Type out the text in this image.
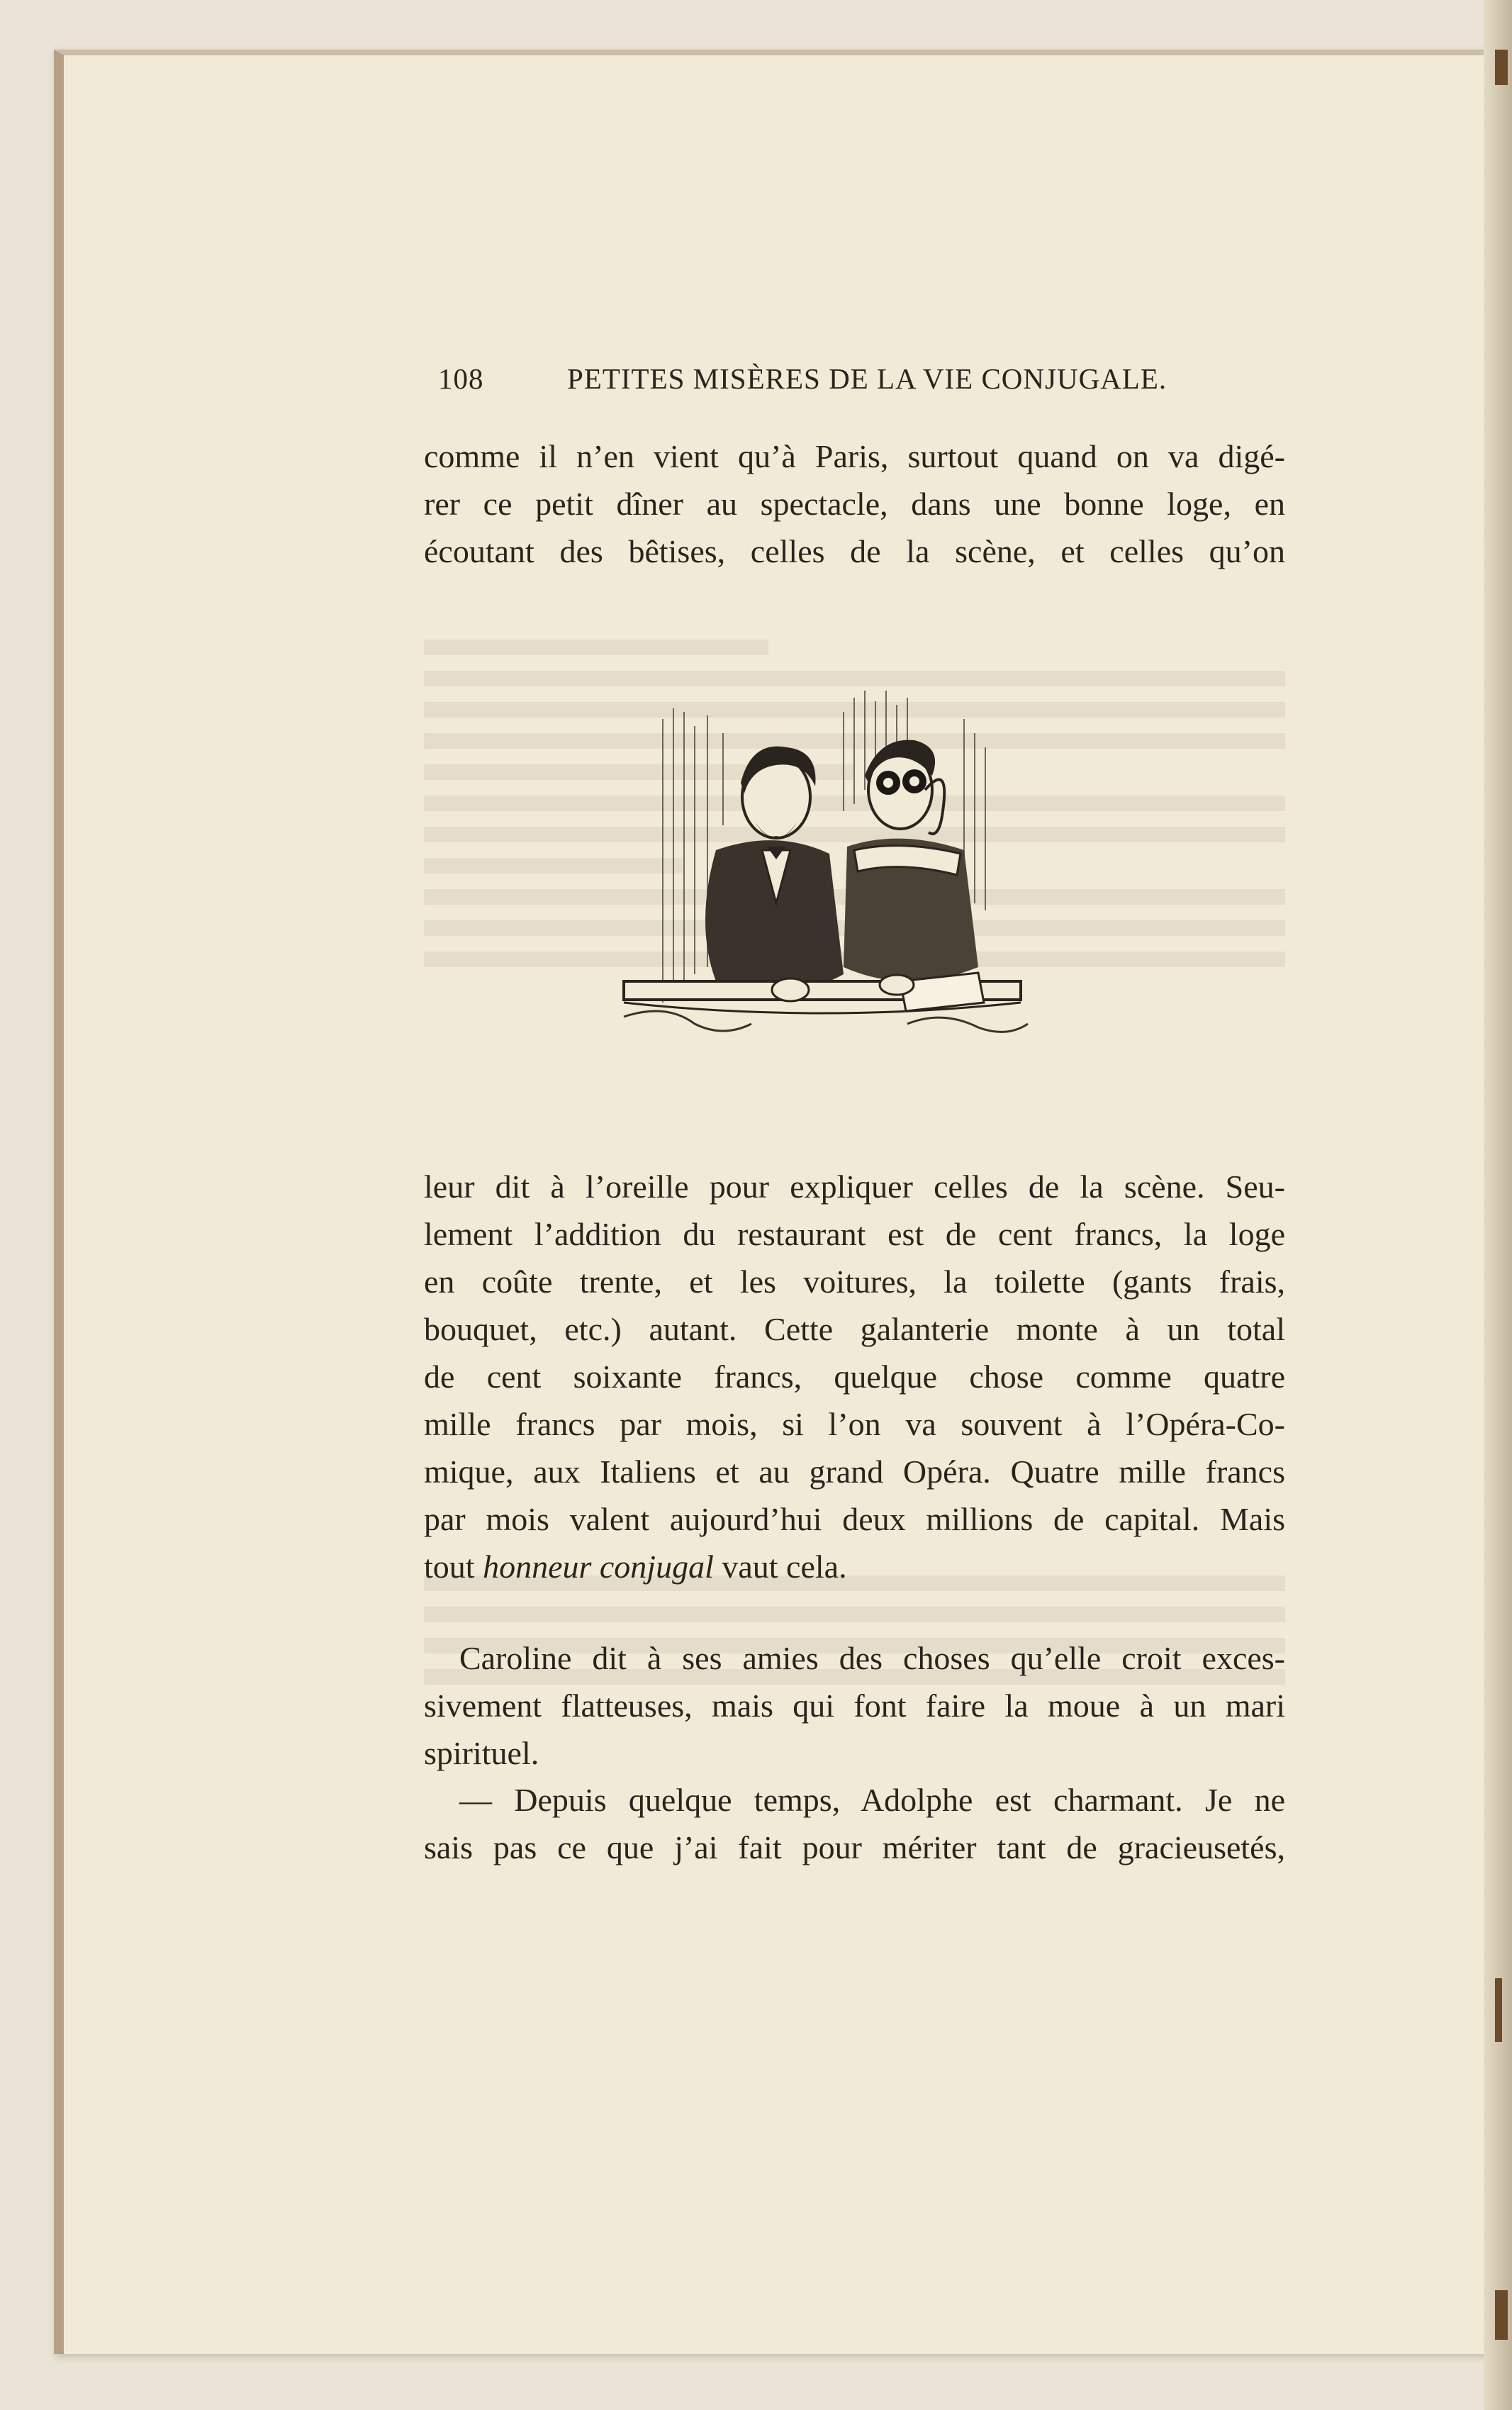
108	PETITES MISÈRES DE LA VIE CONJUGALE.
comme il n’en vient qu’à Paris, surtout quand on va digé-
rer ce petit dîner au spectacle, dans une bonne loge, en
écoutant des bêtises, celles de la scène, et celles qu’on
leur dit à l’oreille pour expliquer celles de la scène. Seu-
lement l’addition du restaurant est de cent francs, la loge
en coûte trente, et les voitures, la toilette (gants frais,
bouquet, etc.) autant. Cette galanterie monte à un total
de cent soixante francs, quelque chose comme quatre
mille francs par mois, si l’on va souvent à l’Opéra-Co-
mique, aux Italiens et au grand Opéra. Quatre mille francs
par mois valent aujourd’hui deux millions de capital. Mais
tout honneur conjugal vaut cela.
Caroline dit à ses amies des choses qu’elle croit exces-
sivement flatteuses, mais qui font faire la moue à un mari
spirituel.
— Depuis quelque temps, Adolphe est charmant. Je ne
sais pas ce que j’ai fait pour mériter tant de gracieusetés,
